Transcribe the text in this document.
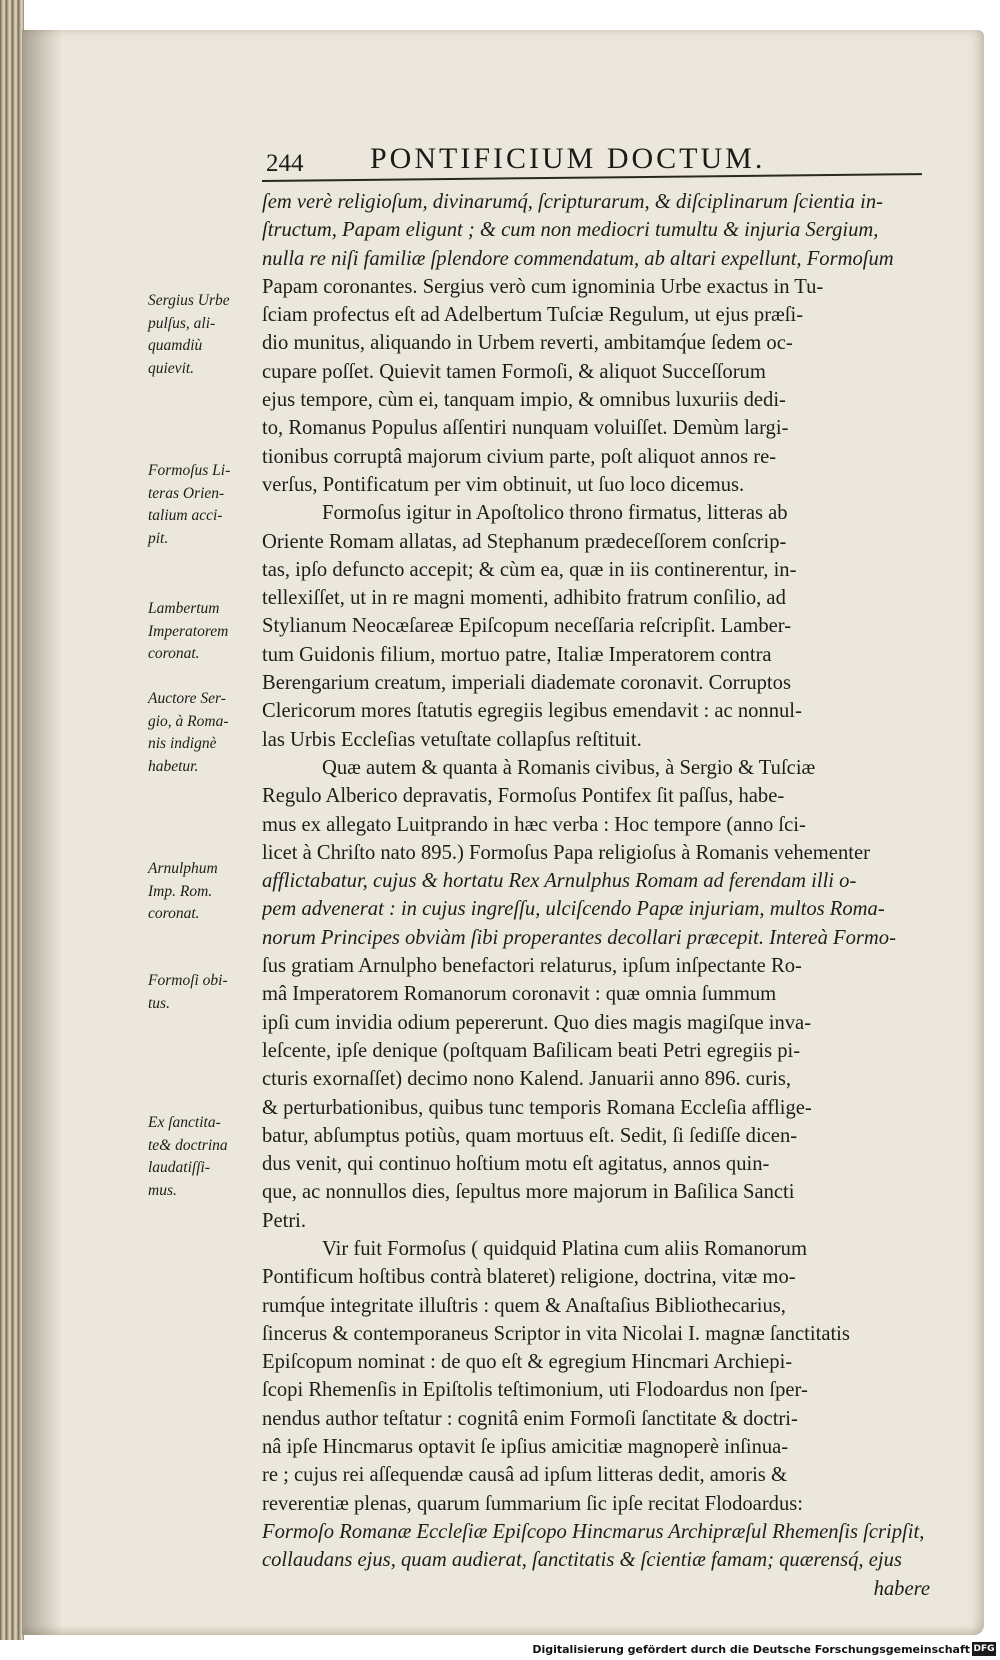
244 PONTIFICIUM DOCTUM.
ſem verè religioſum, divinarumq́, ſcripturarum, & diſciplinarum ſcientia in-
ſtructum, Papam eligunt ; & cum non mediocri tumultu & injuria Sergium,
nulla re niſi familiæ ſplendore commendatum, ab altari expellunt, Formoſum
Papam coronantes. Sergius verò cum ignominia Urbe exactus in Tu-
ſciam profectus eſt ad Adelbertum Tuſciæ Regulum, ut ejus præſi-
dio munitus, aliquando in Urbem reverti, ambitamq́ue ſedem oc-
cupare poſſet. Quievit tamen Formoſi, & aliquot Succeſſorum
ejus tempore, cùm ei, tanquam impio, & omnibus luxuriis dedi-
to, Romanus Populus aſſentiri nunquam voluiſſet. Demùm largi-
tionibus corruptâ majorum civium parte, poſt aliquot annos re-
verſus, Pontificatum per vim obtinuit, ut ſuo loco dicemus.
Formoſus igitur in Apoſtolico throno firmatus, litteras ab
Oriente Romam allatas, ad Stephanum prædeceſſorem conſcrip-
tas, ipſo defuncto accepit; & cùm ea, quæ in iis continerentur, in-
tellexiſſet, ut in re magni momenti, adhibito fratrum conſilio, ad
Stylianum Neocæſareæ Epiſcopum neceſſaria reſcripſit. Lamber-
tum Guidonis filium, mortuo patre, Italiæ Imperatorem contra
Berengarium creatum, imperiali diademate coronavit. Corruptos
Clericorum mores ſtatutis egregiis legibus emendavit : ac nonnul-
las Urbis Eccleſias vetuſtate collapſus reſtituit.
Quæ autem & quanta à Romanis civibus, à Sergio & Tuſciæ
Regulo Alberico depravatis, Formoſus Pontifex ſit paſſus, habe-
mus ex allegato Luitprando in hæc verba : Hoc tempore (anno ſci-
licet à Chriſto nato 895.) Formoſus Papa religioſus à Romanis vehementer
afflictabatur, cujus & hortatu Rex Arnulphus Romam ad ferendam illi o-
pem advenerat : in cujus ingreſſu, ulciſcendo Papæ injuriam, multos Roma-
norum Principes obviàm ſibi properantes decollari præcepit. Intereà Formo-
ſus gratiam Arnulpho benefactori relaturus, ipſum inſpectante Ro-
mâ Imperatorem Romanorum coronavit : quæ omnia ſummum
ipſi cum invidia odium pepererunt. Quo dies magis magiſque inva-
leſcente, ipſe denique (poſtquam Baſilicam beati Petri egregiis pi-
cturis exornaſſet) decimo nono Kalend. Januarii anno 896. curis,
& perturbationibus, quibus tunc temporis Romana Eccleſia afflige-
batur, abſumptus potiùs, quam mortuus eſt. Sedit, ſi ſediſſe dicen-
dus venit, qui continuo hoſtium motu eſt agitatus, annos quin-
que, ac nonnullos dies, ſepultus more majorum in Baſilica Sancti
Petri.
Vir fuit Formoſus ( quidquid Platina cum aliis Romanorum
Pontificum hoſtibus contrà blateret) religione, doctrina, vitæ mo-
rumq́ue integritate illuſtris : quem & Anaſtaſius Bibliothecarius,
ſincerus & contemporaneus Scriptor in vita Nicolai I. magnæ ſanctitatis
Epiſcopum nominat : de quo eſt & egregium Hincmari Archiepi-
ſcopi Rhemenſis in Epiſtolis teſtimonium, uti Flodoardus non ſper-
nendus author teſtatur : cognitâ enim Formoſi ſanctitate & doctri-
nâ ipſe Hincmarus optavit ſe ipſius amicitiæ magnoperè inſinua-
re ; cujus rei aſſequendæ causâ ad ipſum litteras dedit, amoris &
reverentiæ plenas, quarum ſummarium ſic ipſe recitat Flodoardus:
Formoſo Romanæ Eccleſiæ Epiſcopo Hincmarus Archipræſul Rhemenſis ſcripſit,
collaudans ejus, quam audierat, ſanctitatis & ſcientiæ famam; quærensq́, ejus
habere
Sergius Urbe
pulſus, ali-
quamdiù
quievit.
Formoſus Li-
teras Orien-
talium acci-
pit.
Lambertum
Imperatorem
coronat.
Auctore Ser-
gio, à Roma-
nis indignè
habetur.
Arnulphum
Imp. Rom.
coronat.
Formoſi obi-
tus.
Ex ſanctita-
te& doctrina
laudatiſſi-
mus.
Digitalisierung gefördert durch die Deutsche Forschungsgemeinschaft DFG
